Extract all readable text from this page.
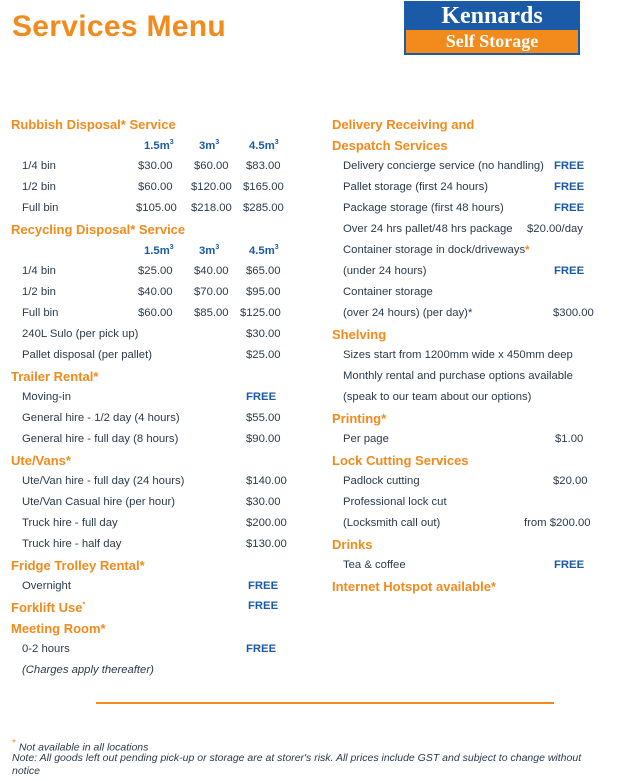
Services Menu	Kennards
Self Storage
Rubbish Disposal* Service
$1.5m^3$ $3m^3$	$4.5m^3$
1/4 bin	$30.00 $60.00 $83.00
1/2 bin	$60.00 $120.00 $165.00
Full bin	$105.00 $218.00 $285.00
Recycling Disposal* Service
$1.5m^3$ $3m^3$	$4.5m^3$
1/4 bin	$25.00 $40.00 $65.00
1/2 bin	$40.00 $70.00 $95.00
Full bin	$60.00 $85.00 $125.00
240L Sulo (per pick up)	$30.00
Pallet disposal (per pallet)	$25.00
Trailer Rental*
Moving-in	FREE
General hire - 1/2 day (4 hours)	$55.00
General hire - full day (8 hours)	$90.00
Ute/Vans*
Ute/Van hire - full day (24 hours)	$140.00
Ute/Van Casual hire (per hour)	$30.00
Truck hire - full day	$200.00
Truck hire - half day	$130.00
Fridge Trolley Rental*
Overnight	FREE
Forklift Use*	FREE
Meeting Room*
0-2 hours	FREE
(Charges apply thereafter)
Delivery Receiving and
Despatch Services
Delivery concierge service (no handling) FREE
Pallet storage (first 24 hours)	FREE
Package storage (first 48 hours)	FREE
Over 24 hrs pallet/48 hrs package $20.00/day
Container storage in dock/driveways*
(under 24 hours)	FREE
Container storage
(over 24 hours) (per day)*	$300.00
Shelving
Sizes start from 1200mm wide x 450mm deep
Monthly rental and purchase options available
(speak to our team about our options)
Printing*
Per page	$1.00
Lock Cutting Services
Padlock cutting	$20.00
Professional lock cut
(Locksmith call out)	from $200.00
Drinks
Tea & coffee	FREE
Internet Hotspot available*
* Not available in all locations
Note: All goods left out pending pick-up or storage are at storer's risk. All prices include GST and subject to change without notice
